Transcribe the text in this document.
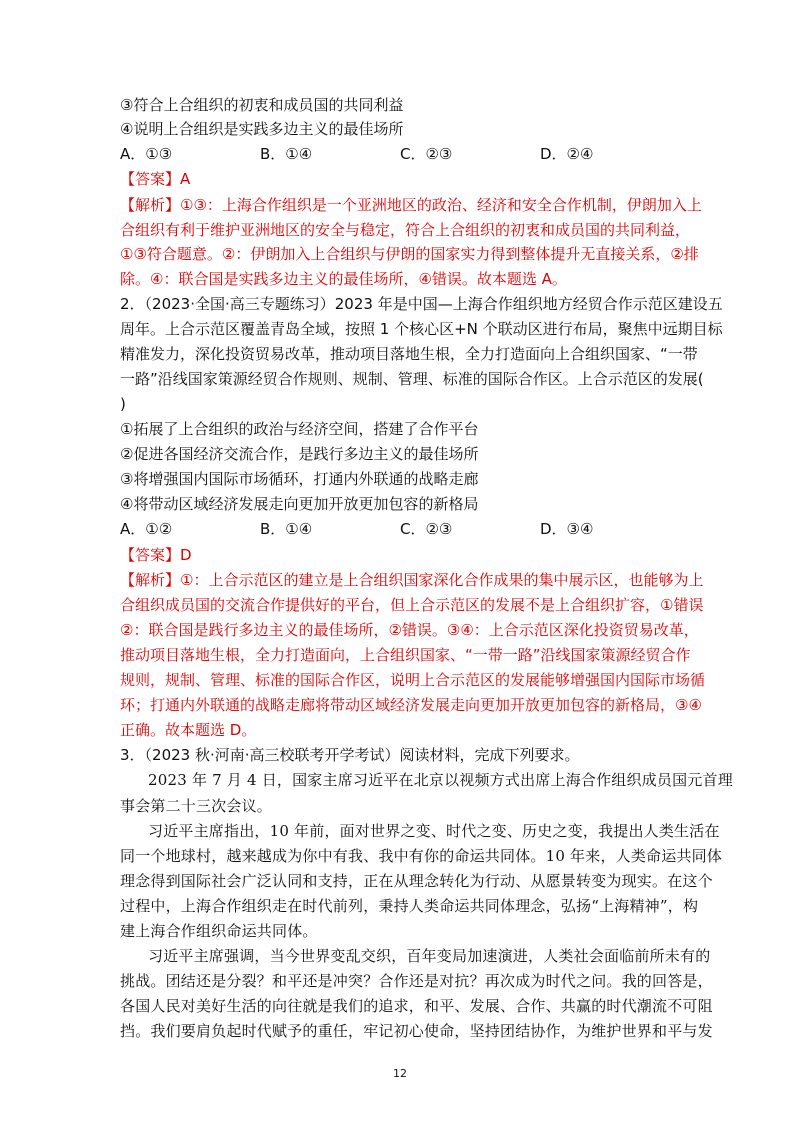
③符合上合组织的初衷和成员国的共同利益
④说明上合组织是实践多边主义的最佳场所
A．①③	B．①④	C．②③	D．②④
【答案】A
【解析】①③：上海合作组织是一个亚洲地区的政治、经济和安全合作机制，伊朗加入上
合组织有利于维护亚洲地区的安全与稳定，符合上合组织的初衷和成员国的共同利益，
①③符合题意。②：伊朗加入上合组织与伊朗的国家实力得到整体提升无直接关系，②排
除。④：联合国是实践多边主义的最佳场所，④错误。故本题选 A。
2．（2023·全国·高三专题练习）2023 年是中国—上海合作组织地方经贸合作示范区建设五
周年。上合示范区覆盖青岛全域，按照 1 个核心区+N 个联动区进行布局，聚焦中远期目标
精准发力，深化投资贸易改革，推动项目落地生根，全力打造面向上合组织国家、“一带
一路”沿线国家策源经贸合作规则、规制、管理、标准的国际合作区。上合示范区的发展(
)
①拓展了上合组织的政治与经济空间，搭建了合作平台
②促进各国经济交流合作，是践行多边主义的最佳场所
③将增强国内国际市场循环，打通内外联通的战略走廊
④将带动区域经济发展走向更加开放更加包容的新格局
A．①②	B．①④	C．②③	D．③④
【答案】D
【解析】①：上合示范区的建立是上合组织国家深化合作成果的集中展示区，也能够为上
合组织成员国的交流合作提供好的平台，但上合示范区的发展不是上合组织扩容，①错误
②：联合国是践行多边主义的最佳场所，②错误。③④：上合示范区深化投资贸易改革，
推动项目落地生根，全力打造面向，上合组织国家、“一带一路”沿线国家策源经贸合作
规则，规制、管理、标准的国际合作区，说明上合示范区的发展能够增强国内国际市场循
环；打通内外联通的战略走廊将带动区域经济发展走向更加开放更加包容的新格局，③④
正确。故本题选 D。
3．（2023 秋·河南·高三校联考开学考试）阅读材料，完成下列要求。
2023 年 7 月 4 日，国家主席习近平在北京以视频方式出席上海合作组织成员国元首理
事会第二十三次会议。
习近平主席指出，10 年前，面对世界之变、时代之变、历史之变，我提出人类生活在
同一个地球村，越来越成为你中有我、我中有你的命运共同体。10 年来，人类命运共同体
理念得到国际社会广泛认同和支持，正在从理念转化为行动、从愿景转变为现实。在这个
过程中，上海合作组织走在时代前列，秉持人类命运共同体理念，弘扬“上海精神”，构
建上海合作组织命运共同体。
习近平主席强调，当今世界变乱交织，百年变局加速演进，人类社会面临前所未有的
挑战。团结还是分裂？和平还是冲突？合作还是对抗？再次成为时代之问。我的回答是，
各国人民对美好生活的向往就是我们的追求，和平、发展、合作、共赢的时代潮流不可阻
挡。我们要肩负起时代赋予的重任，牢记初心使命，坚持团结协作，为维护世界和平与发
12
